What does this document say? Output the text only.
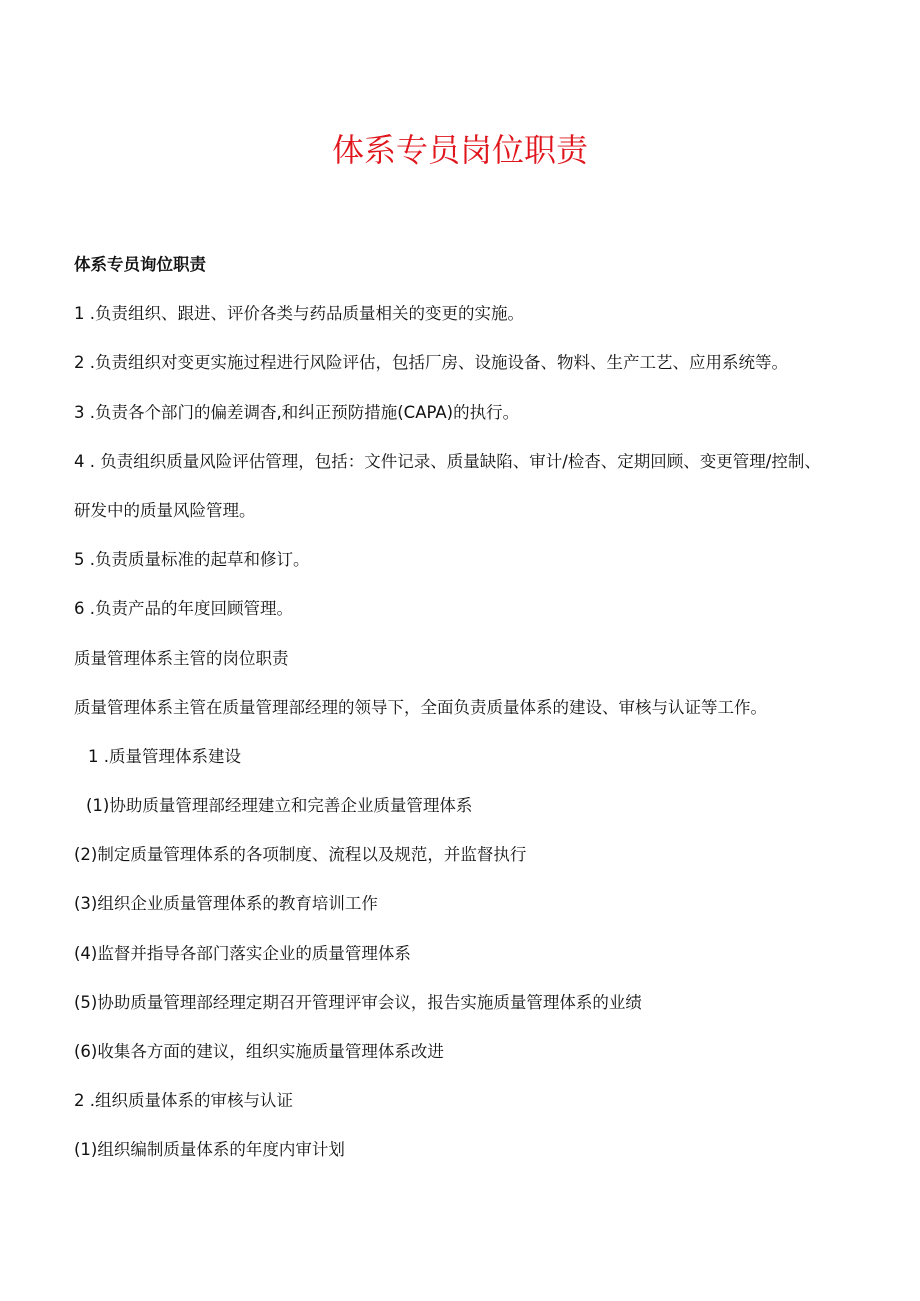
体系专员岗位职责

体系专员询位职责

1 .负责组织、跟进、评价各类与药品质量相关的变更的实施。

2 .负责组织对变更实施过程进行风险评估，包括厂房、设施设备、物料、生产工艺、应用系统等。

3 .负责各个部门的偏差调杳,和纠正预防措施(CAPA)的执行。

4 . 负责组织质量风险评估管理，包括：文件记录、质量缺陷、审计/检杳、定期回顾、变更管理/控制、

研发中的质量风险管理。

5 .负责质量标准的起草和修订。

6 .负责产品的年度回顾管理。

质量管理体系主管的岗位职责

质量管理体系主管在质量管理部经理的领导下，全面负责质量体系的建设、审核与认证等工作。

1 .质量管理体系建设

(1)协助质量管理部经理建立和完善企业质量管理体系

(2)制定质量管理体系的各项制度、流程以及规范，并监督执行

(3)组织企业质量管理体系的教育培训工作

(4)监督并指导各部门落实企业的质量管理体系

(5)协助质量管理部经理定期召开管理评审会议，报告实施质量管理体系的业绩

(6)收集各方面的建议，组织实施质量管理体系改进

2 .组织质量体系的审核与认证

(1)组织编制质量体系的年度内审计划
